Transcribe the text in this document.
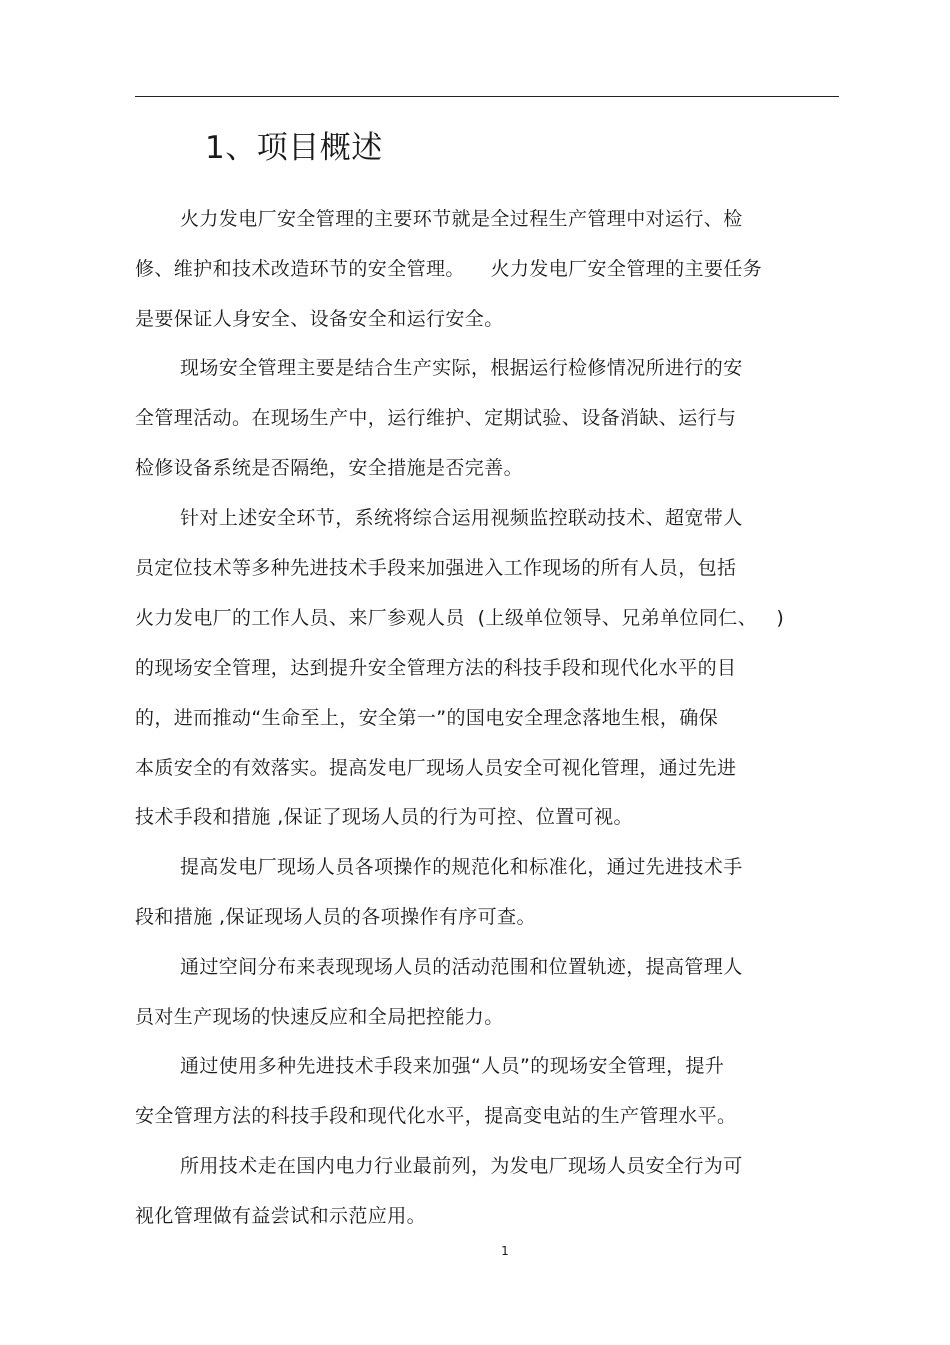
1、项目概述
火力发电厂安全管理的主要环节就是全过程生产管理中对运行、检
修、维护和技术改造环节的安全管理。    火力发电厂安全管理的主要任务
是要保证人身安全、设备安全和运行安全。
现场安全管理主要是结合生产实际，根据运行检修情况所进行的安
全管理活动。在现场生产中，运行维护、定期试验、设备消缺、运行与
检修设备系统是否隔绝，安全措施是否完善。
针对上述安全环节，系统将综合运用视频监控联动技术、超宽带人
员定位技术等多种先进技术手段来加强进入工作现场的所有人员，包括
火力发电厂的工作人员、来厂参观人员  (上级单位领导、兄弟单位同仁、   )
的现场安全管理，达到提升安全管理方法的科技手段和现代化水平的目
的，进而推动“生命至上，安全第一”的国电安全理念落地生根，确保
本质安全的有效落实。提高发电厂现场人员安全可视化管理，通过先进
技术手段和措施 ,保证了现场人员的行为可控、位置可视。
提高发电厂现场人员各项操作的规范化和标准化，通过先进技术手
段和措施 ,保证现场人员的各项操作有序可查。
通过空间分布来表现现场人员的活动范围和位置轨迹，提高管理人
员对生产现场的快速反应和全局把控能力。
通过使用多种先进技术手段来加强“人员”的现场安全管理，提升
安全管理方法的科技手段和现代化水平，提高变电站的生产管理水平。
所用技术走在国内电力行业最前列，为发电厂现场人员安全行为可
视化管理做有益尝试和示范应用。
1
